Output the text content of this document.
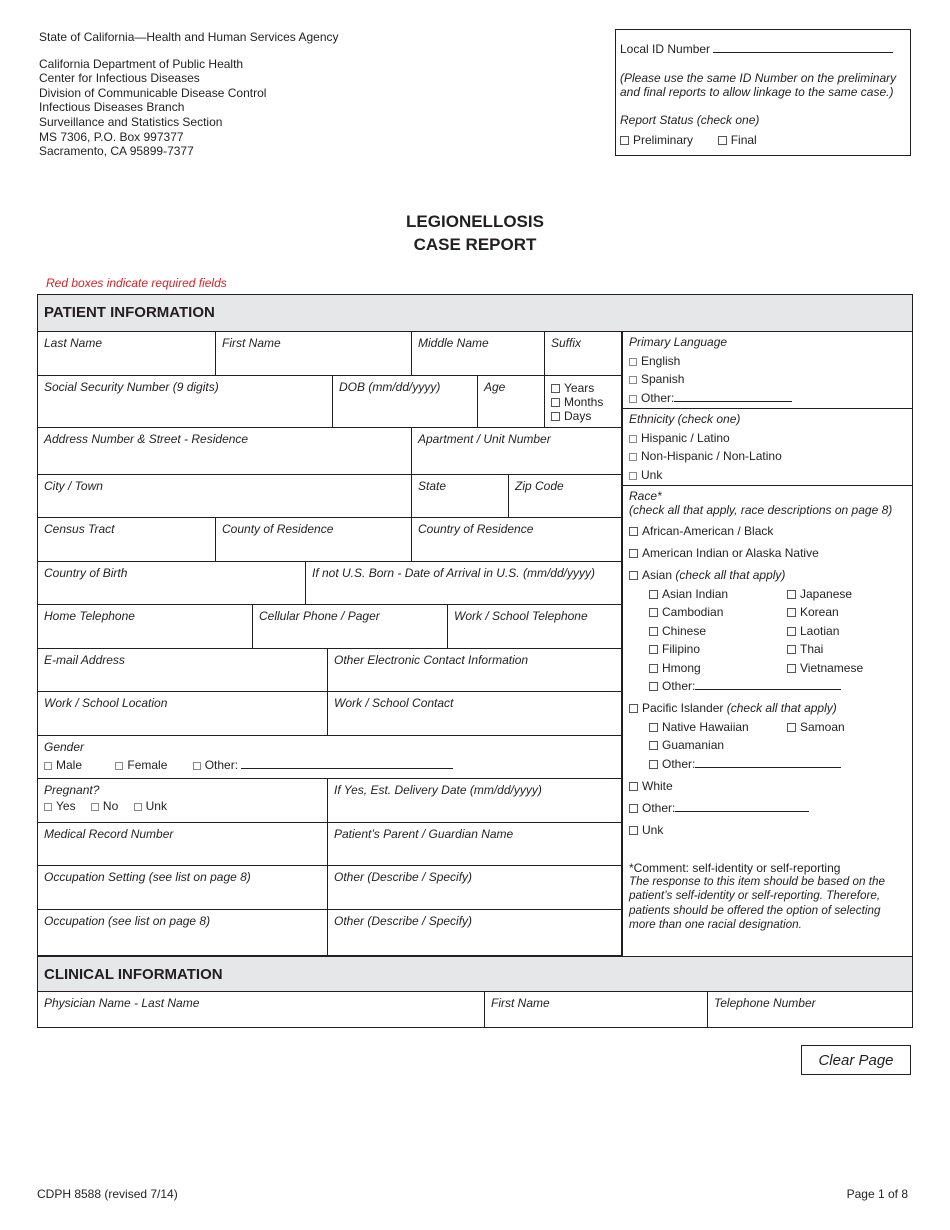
State of California—Health and Human Services Agency
California Department of Public Health
Center for Infectious Diseases
Division of Communicable Disease Control
Infectious Diseases Branch
Surveillance and Statistics Section
MS 7306, P.O. Box 997377
Sacramento, CA 95899-7377
Local ID Number
(Please use the same ID Number on the preliminary and final reports to allow linkage to the same case.)
Report Status (check one)
Preliminary	Final
LEGIONELLOSIS
CASE REPORT
Red boxes indicate required fields
PATIENT INFORMATION
Last Name	First Name	Middle Name	Suffix
Social Security Number (9 digits)	DOB (mm/dd/yyyy)	Age	Years
Months
Days
Address Number & Street - Residence	Apartment / Unit Number
City / Town	State	Zip Code
Census Tract	County of Residence	Country of Residence
Country of Birth	If not U.S. Born - Date of Arrival in U.S. (mm/dd/yyyy)
Home Telephone	Cellular Phone / Pager	Work / School Telephone
E-mail Address	Other Electronic Contact Information
Work / School Location	Work / School Contact
Gender
Male	Female	Other:
Pregnant?
Yes No Unk
If Yes, Est. Delivery Date (mm/dd/yyyy)
Medical Record Number	Patient’s Parent / Guardian Name
Occupation Setting (see list on page 8)	Other (Describe / Specify)
Occupation (see list on page 8)	Other (Describe / Specify)
Primary Language
English
Spanish
Other:
Ethnicity (check one)
Hispanic / Latino
Non-Hispanic / Non-Latino
Unk
Race*
(check all that apply, race descriptions on page 8)
African-American / Black
American Indian or Alaska Native
Asian (check all that apply)
Asian Indian	Japanese
Cambodian	Korean
Chinese	Laotian
Filipino	Thai
Hmong	Vietnamese
Other:
Pacific Islander (check all that apply)
Native Hawaiian	Samoan
Guamanian
Other:
White
Other:
Unk
*Comment: self-identity or self-reporting
The response to this item should be based on the patient’s self-identity or self-reporting. Therefore, patients should be offered the option of selecting more than one racial designation.
CLINICAL INFORMATION
Physician Name - Last Name	First Name	Telephone Number
Clear Page
CDPH 8588 (revised 7/14)	Page 1 of 8
